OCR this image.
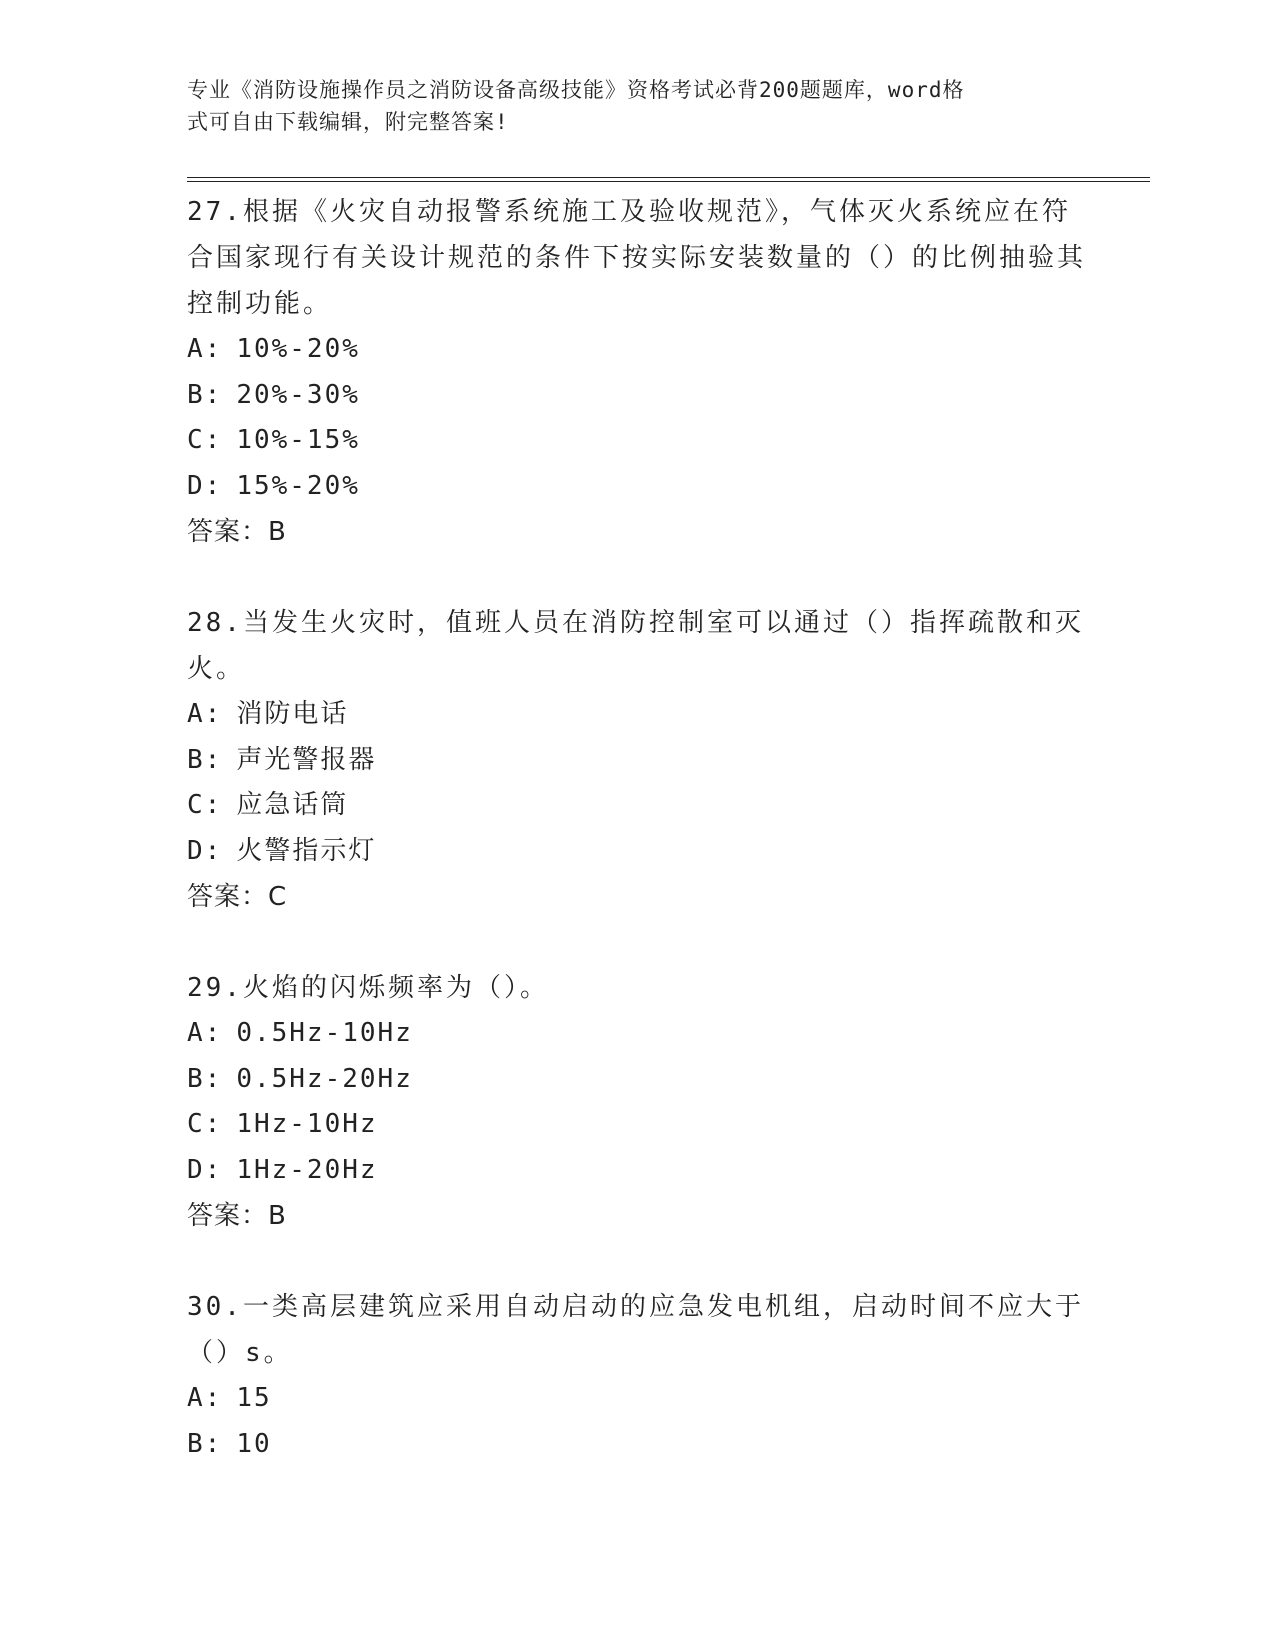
专业《消防设施操作员之消防设备高级技能》资格考试必背200题题库，word格
式可自由下载编辑，附完整答案!
27.根据《火灾自动报警系统施工及验收规范》，气体灭火系统应在符合国家现行有关设计规范的条件下按实际安装数量的（）的比例抽验其控制功能。
A: 10%-20%
B: 20%-30%
C: 10%-15%
D: 15%-20%
答案：B
28.当发生火灾时，值班人员在消防控制室可以通过（）指挥疏散和灭火。
A: 消防电话
B: 声光警报器
C: 应急话筒
D: 火警指示灯
答案：C
29.火焰的闪烁频率为（）。
A: 0.5Hz-10Hz
B: 0.5Hz-20Hz
C: 1Hz-10Hz
D: 1Hz-20Hz
答案：B
30.一类高层建筑应采用自动启动的应急发电机组，启动时间不应大于（）s。
A: 15
B: 10
